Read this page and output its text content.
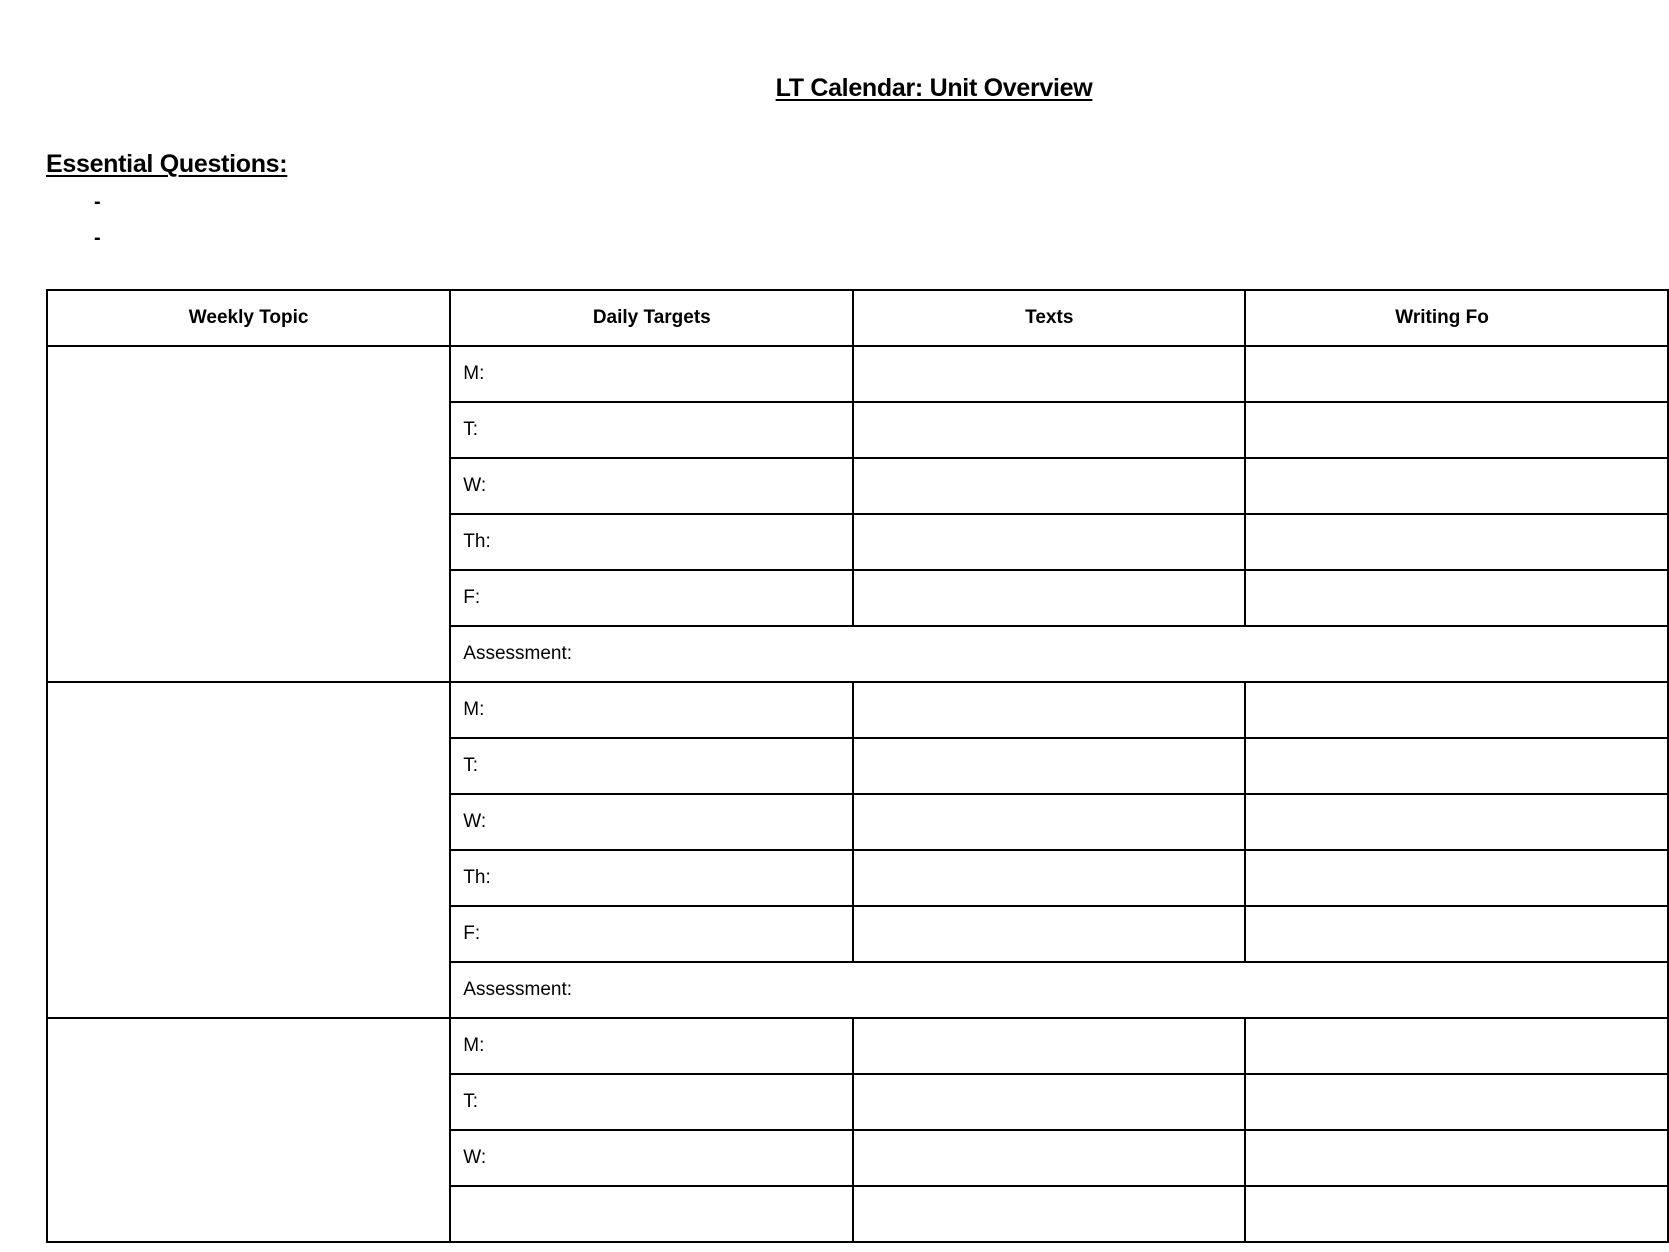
LT Calendar: Unit Overview
Essential Questions:
-
-
Weekly Topic	Daily Targets	Texts	Writing Fo
	M:		
	T:		
	W:		
	Th:		
	F:		
	Assessment:		
	M:		
	T:		
	W:		
	Th:		
	F:		
	Assessment:		
	M:		
	T:		
	W:		
